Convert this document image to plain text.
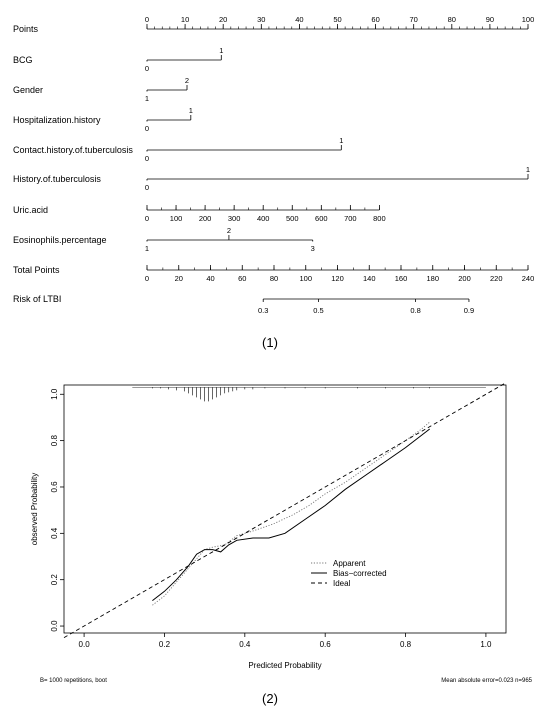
Points
0	10	20	30	40	50	60	70	80	90	100
BCG
0
1
Gender
1
2
Hospitalization.history
0
1
Contact.history.of.tuberculosis
0
1
History.of.tuberculosis
0
1
Uric.acid
0	100 200 300 400 500 600 700 800
Eosinophils.percentage
1
2
3
Total Points
0	20	40	60	80	100	120	140	160	180	200	220	240
Risk of LTBI
0.3	0.5	0.8	0.9
(1)
0.0	0.2	0.4	0.6	0.8	1.0
0.0
0.2
0.4
0.6
0.8
1.0
Predicted Probability
observed Probability
Apparent
Bias−corrected
Ideal
B= 1000 repetitions, boot	Mean absolute error=0.023 n=965
(2)
